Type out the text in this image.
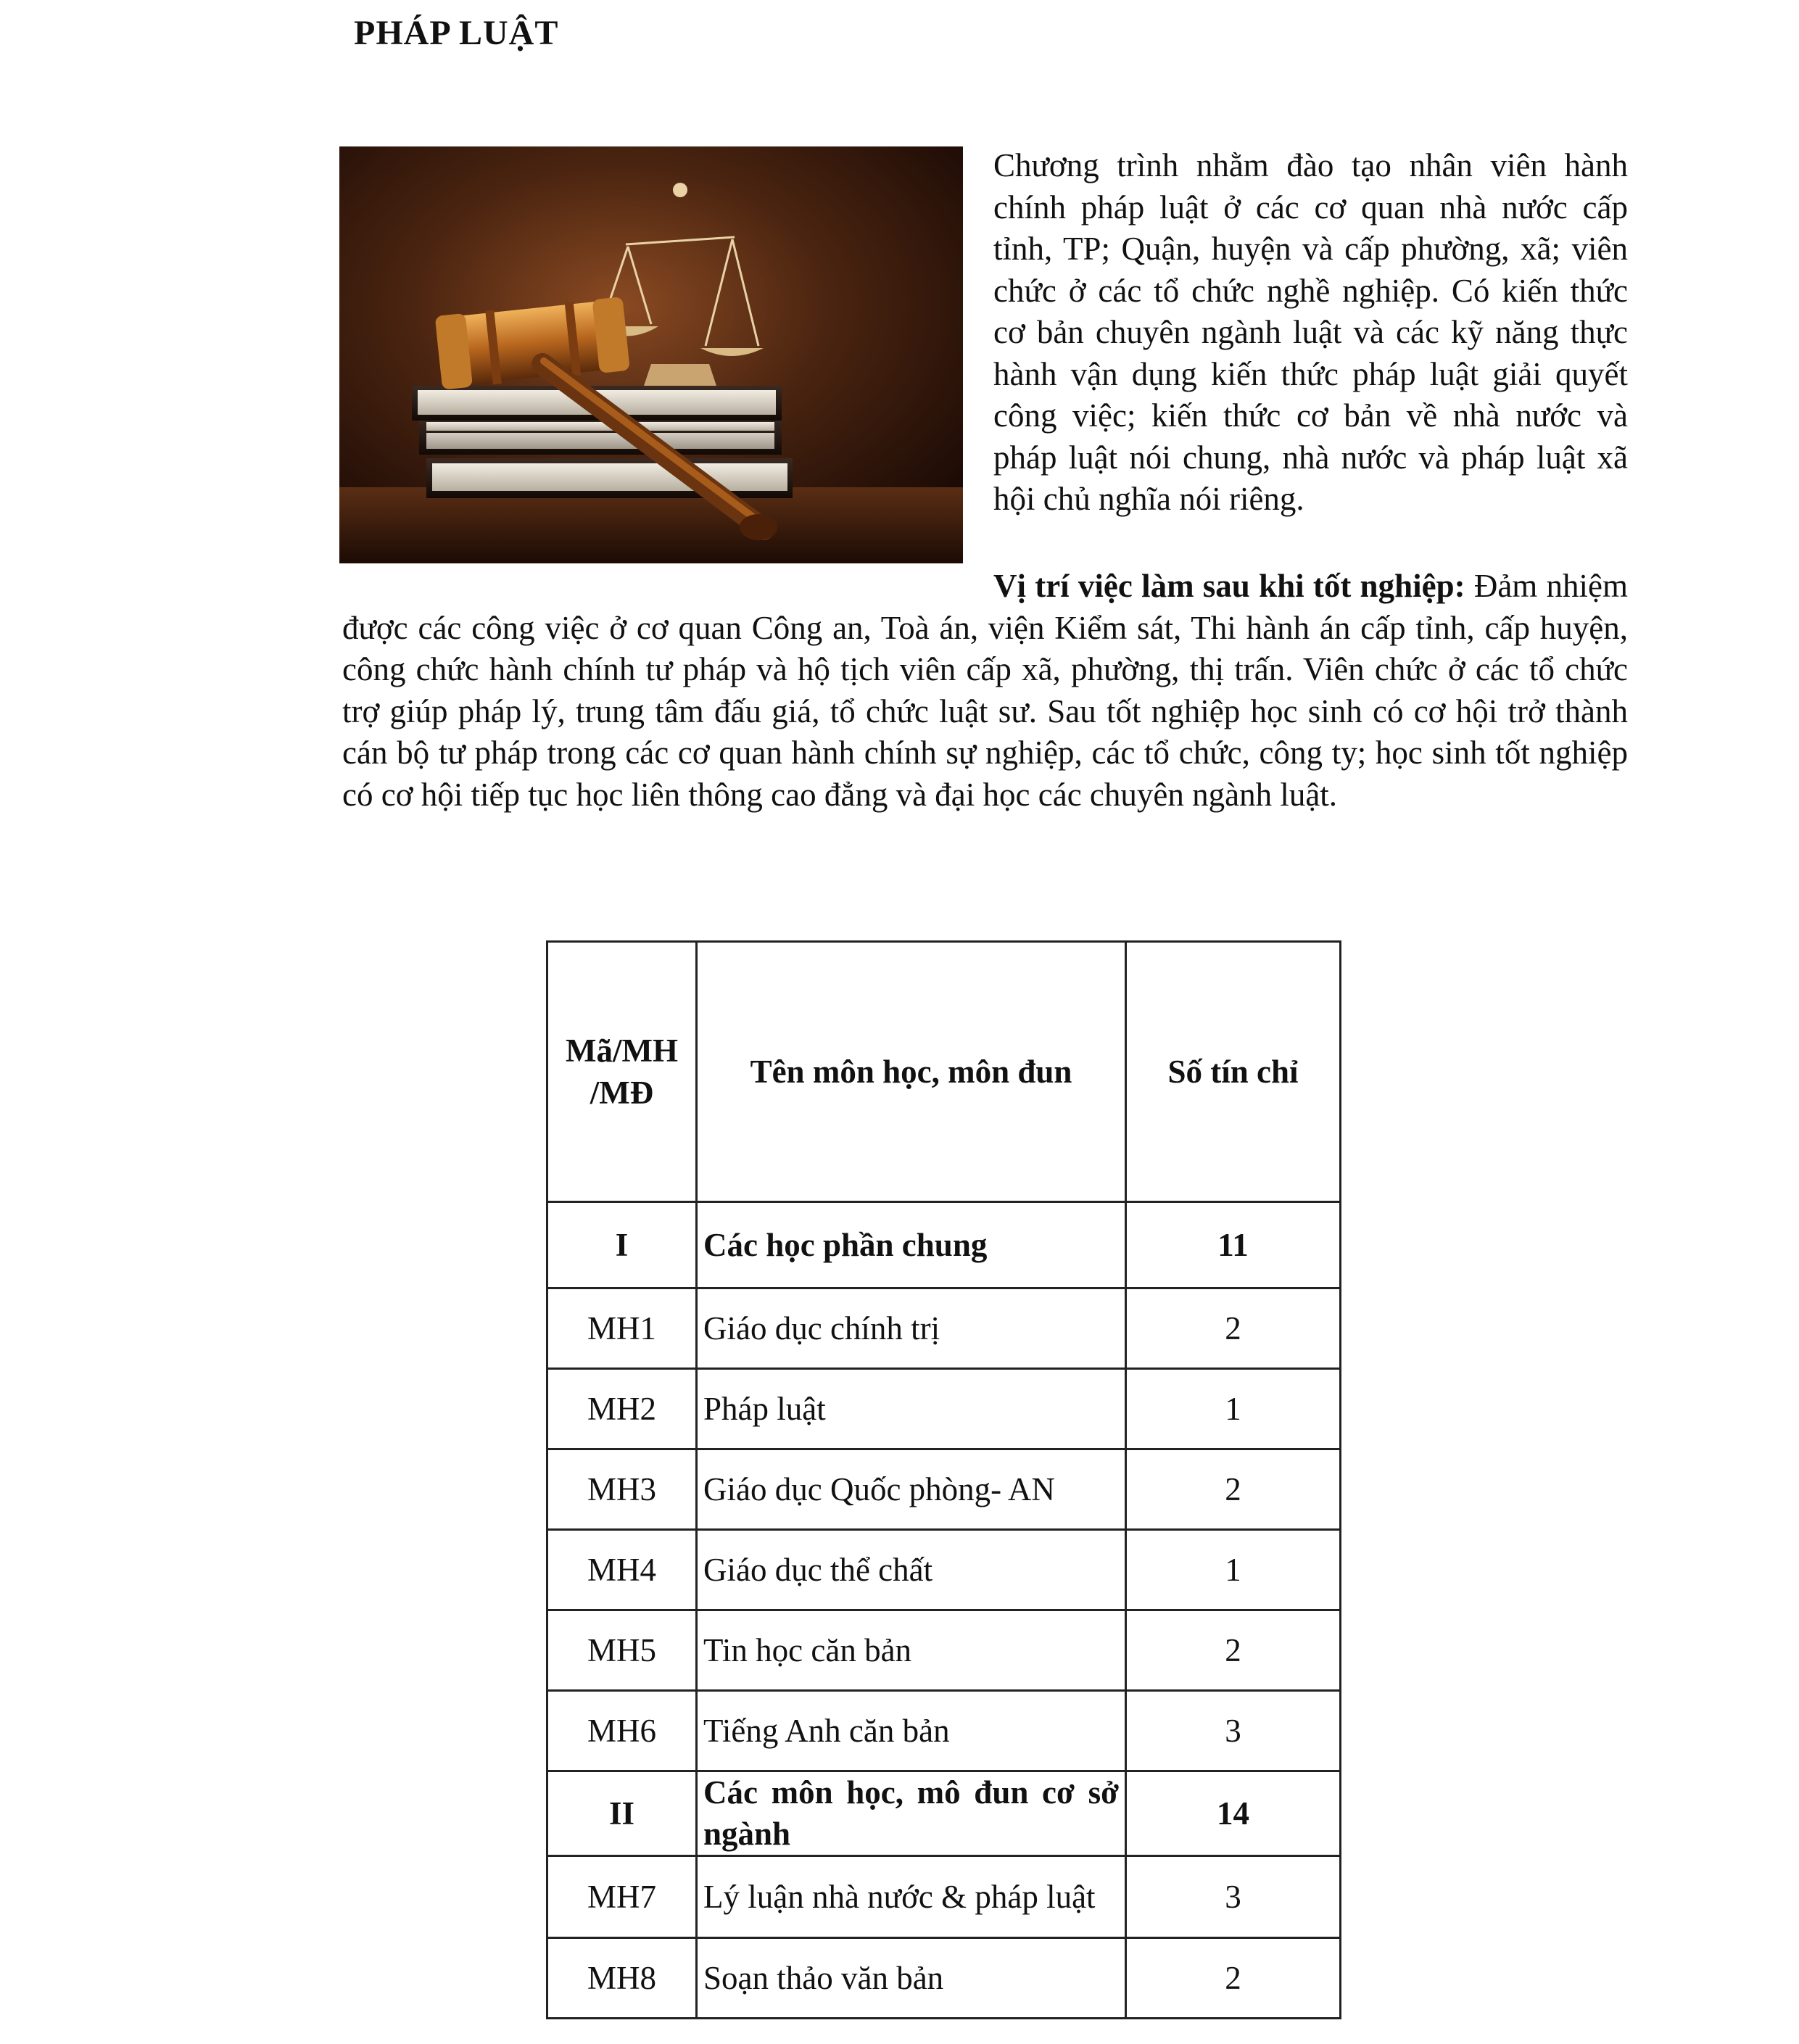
PHÁP LUẬT
Chương trình nhằm đào tạo nhân viên hành chính pháp luật ở các cơ quan nhà nước cấp tỉnh, TP; Quận, huyện và cấp phường, xã; viên chức ở các tổ chức nghề nghiệp. Có kiến thức cơ bản chuyên ngành luật và các kỹ năng thực hành vận dụng kiến thức pháp luật giải quyết công việc; kiến thức cơ bản về nhà nước và pháp luật nói chung, nhà nước và pháp luật xã hội chủ nghĩa nói riêng.
Vị trí việc làm sau khi tốt nghiệp: Đảm nhiệm được các công việc ở cơ quan Công an, Toà án, viện Kiểm sát, Thi hành án cấp tỉnh, cấp huyện, công chức hành chính tư pháp và hộ tịch viên cấp xã, phường, thị trấn. Viên chức ở các tổ chức trợ giúp pháp lý, trung tâm đấu giá, tổ chức luật sư. Sau tốt nghiệp học sinh có cơ hội trở thành cán bộ tư pháp trong các cơ quan hành chính sự nghiệp, các tổ chức, công ty; học sinh tốt nghiệp có cơ hội tiếp tục học liên thông cao đẳng và đại học các chuyên ngành luật.
Mã/MH
/MĐ	Tên môn học, môn đun	Số tín chỉ
I	Các học phần chung	11
MH1	Giáo dục chính trị	2
MH2	Pháp luật	1
MH3	Giáo dục Quốc phòng- AN	2
MH4	Giáo dục thể chất	1
MH5	Tin học căn bản	2
MH6	Tiếng Anh căn bản	3
II	Các môn học, mô đun cơ sở ngành	14
MH7	Lý luận nhà nước & pháp luật	3
MH8	Soạn thảo văn bản	2
